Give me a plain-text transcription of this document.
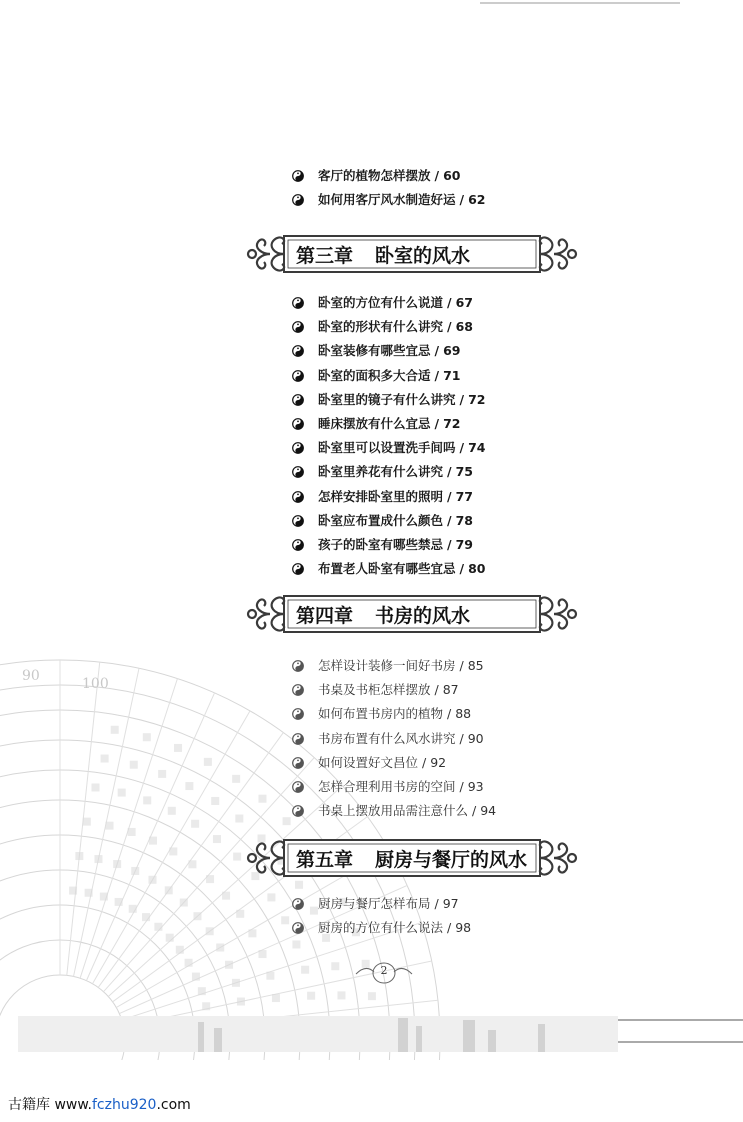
90	100
客厅的植物怎样摆放 / 60
如何用客厅风水制造好运 / 62
第三章 卧室的风水
卧室的方位有什么说道 / 67
卧室的形状有什么讲究 / 68
卧室装修有哪些宜忌 / 69
卧室的面积多大合适 / 71
卧室里的镜子有什么讲究 / 72
睡床摆放有什么宜忌 / 72
卧室里可以设置洗手间吗 / 74
卧室里养花有什么讲究 / 75
怎样安排卧室里的照明 / 77
卧室应布置成什么颜色 / 78
孩子的卧室有哪些禁忌 / 79
布置老人卧室有哪些宜忌 / 80
第四章 书房的风水
怎样设计装修一间好书房 / 85
书桌及书柜怎样摆放 / 87
如何布置书房内的植物 / 88
书房布置有什么风水讲究 / 90
如何设置好文昌位 / 92
怎样合理利用书房的空间 / 93
书桌上摆放用品需注意什么 / 94
第五章 厨房与餐厅的风水
厨房与餐厅怎样布局 / 97
厨房的方位有什么说法 / 98
2
古籍库 www.fczhu920.com
